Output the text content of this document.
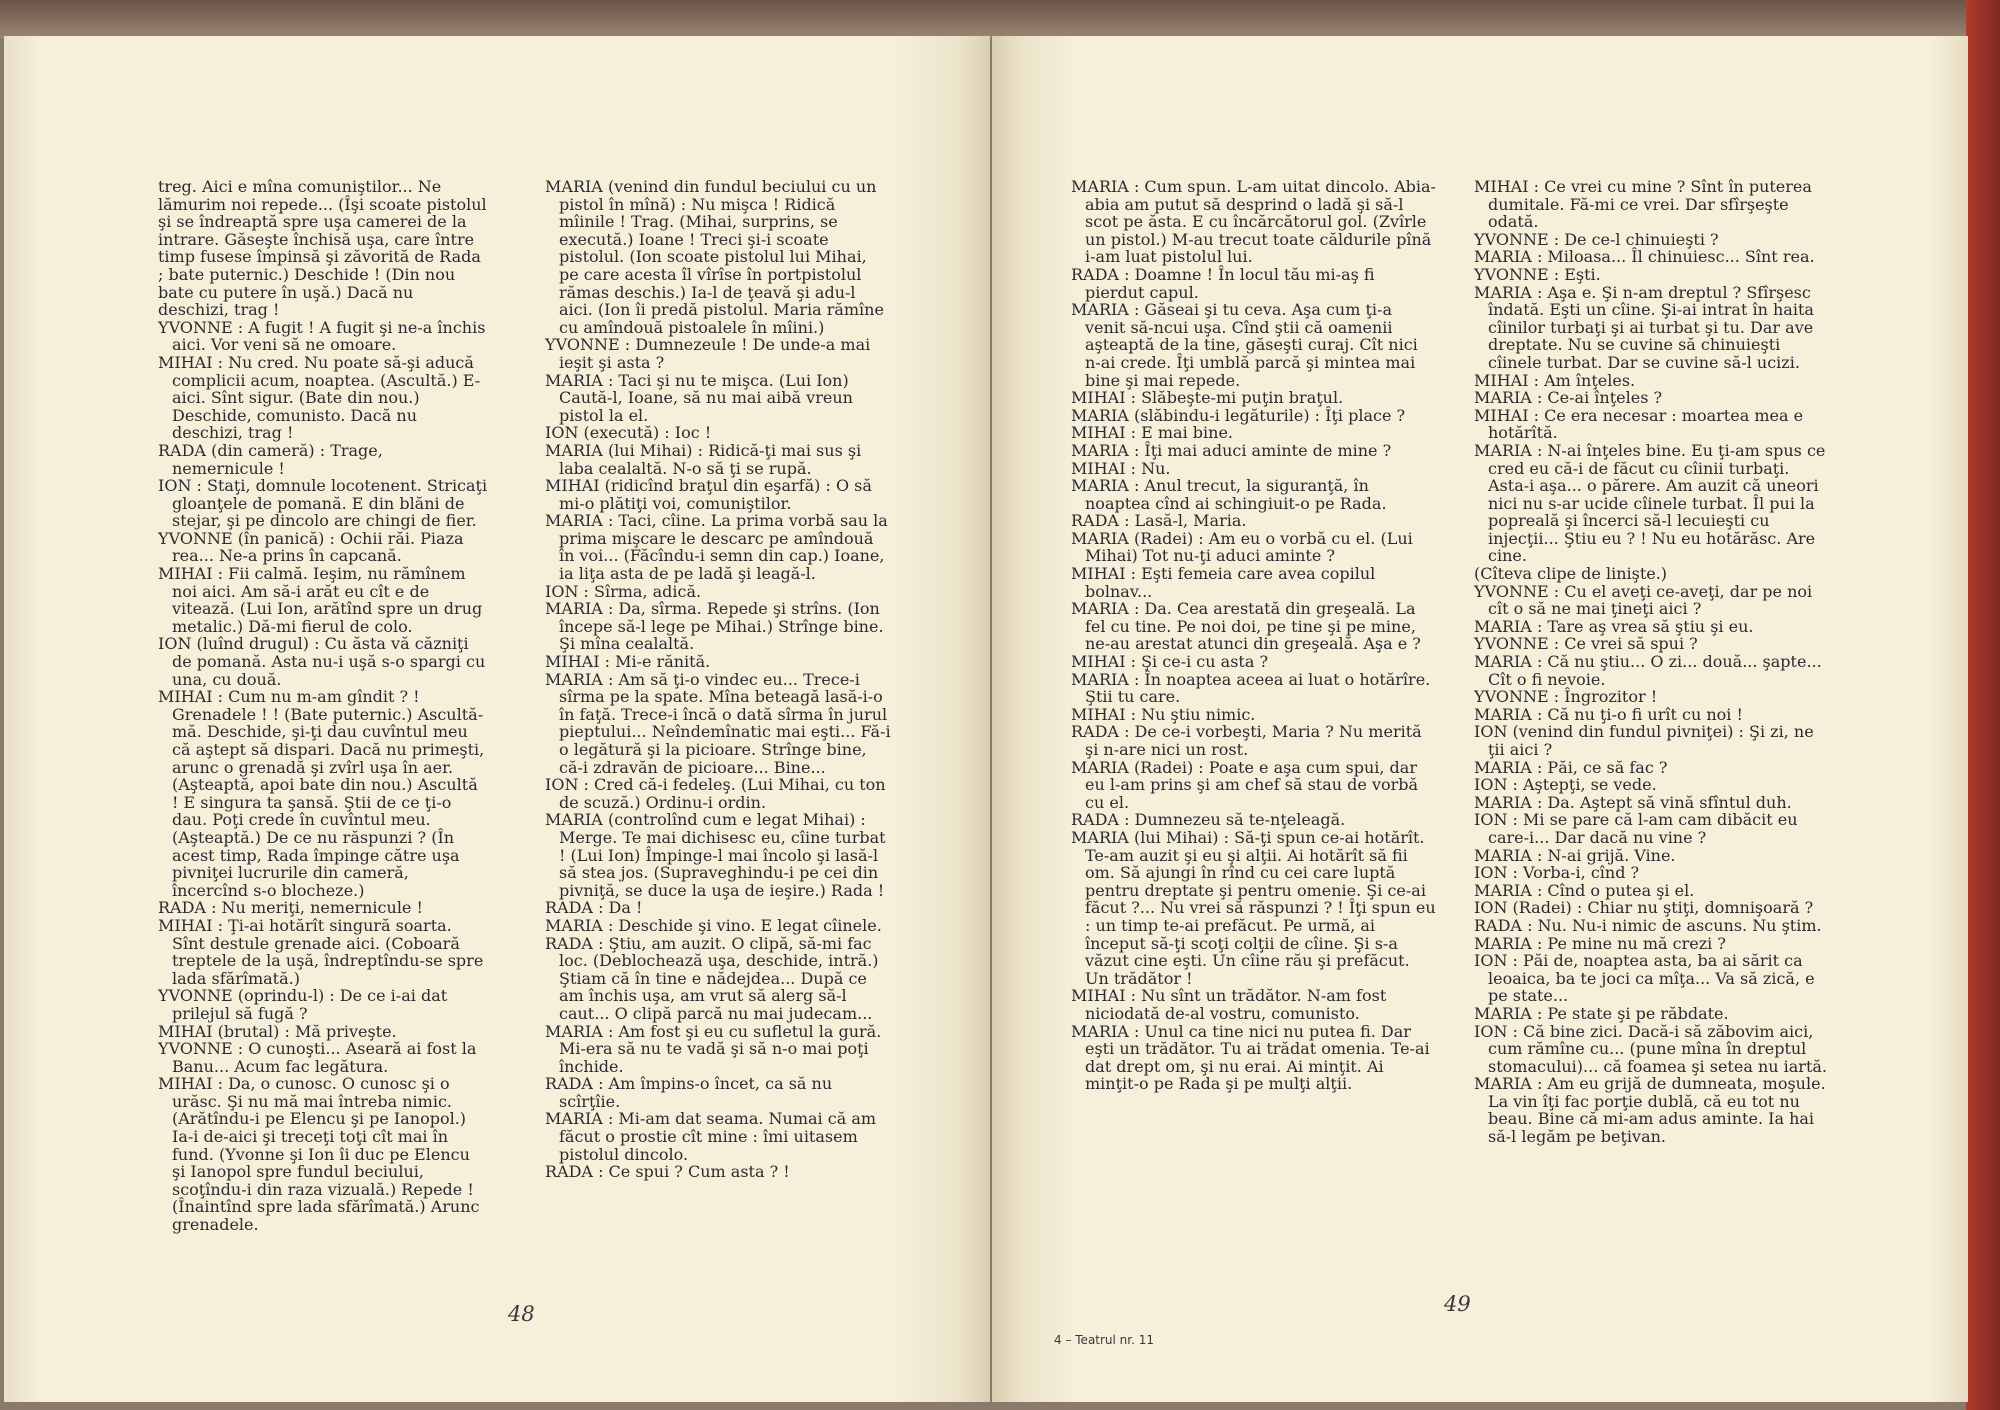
treg. Aici e mîna comuniştilor... Ne lămurim noi repede... (Îşi scoate pistolul şi se îndreaptă spre uşa camerei de la intrare. Găseşte închisă uşa, care între timp fusese împinsă şi zăvorită de Rada ; bate puternic.) Deschide ! (Din nou bate cu putere în uşă.) Dacă nu deschizi, trag !

YVONNE : A fugit ! A fugit şi ne-a închis aici. Vor veni să ne omoare.

MIHAI : Nu cred. Nu poate să-şi aducă complicii acum, noaptea. (Ascultă.) E-aici. Sînt sigur. (Bate din nou.) Deschide, comunisto. Dacă nu deschizi, trag !

RADA (din cameră) : Trage, nemernicule !

ION : Staţi, domnule locotenent. Stricaţi gloanţele de pomană. E din blăni de stejar, şi pe dincolo are chingi de fier.

YVONNE (în panică) : Ochii răi. Piaza rea... Ne-a prins în capcană.

MIHAI : Fii calmă. Ieşim, nu rămînem noi aici. Am să-i arăt eu cît e de vitează. (Lui Ion, arătînd spre un drug metalic.) Dă-mi fierul de colo.

ION (luînd drugul) : Cu ăsta vă căzniţi de pomană. Asta nu-i uşă s-o spargi cu una, cu două.

MIHAI : Cum nu m-am gîndit ? ! Grenadele ! ! (Bate puternic.) Ascultă-mă. Deschide, şi-ţi dau cuvîntul meu că aştept să dispari. Dacă nu primeşti, arunc o grenadă şi zvîrl uşa în aer. (Aşteaptă, apoi bate din nou.) Ascultă ! E singura ta şansă. Ştii de ce ţi-o dau. Poţi crede în cuvîntul meu. (Aşteaptă.) De ce nu răspunzi ? (În acest timp, Rada împinge către uşa pivniţei lucrurile din cameră, încercînd s-o blocheze.)

RADA : Nu meriţi, nemernicule !

MIHAI : Ţi-ai hotărît singură soarta. Sînt destule grenade aici. (Coboară treptele de la uşă, îndreptîndu-se spre lada sfărîmată.)

YVONNE (oprindu-l) : De ce i-ai dat prilejul să fugă ?

MIHAI (brutal) : Mă priveşte.

YVONNE : O cunoşti... Aseară ai fost la Banu... Acum fac legătura.

MIHAI : Da, o cunosc. O cunosc şi o urăsc. Şi nu mă mai întreba nimic. (Arătîndu-i pe Elencu şi pe Ianopol.) Ia-i de-aici şi treceţi toţi cît mai în fund. (Yvonne şi Ion îi duc pe Elencu şi Ianopol spre fundul beciului, scoţîndu-i din raza vizuală.) Repede ! (Înaintînd spre lada sfărîmată.) Arunc grenadele.

MARIA (venind din fundul beciului cu un pistol în mînă) : Nu mişca ! Ridică mîinile ! Trag. (Mihai, surprins, se execută.) Ioane ! Treci şi-i scoate pistolul. (Ion scoate pistolul lui Mihai, pe care acesta îl vîrîse în portpistolul rămas deschis.) Ia-l de ţeavă şi adu-l aici. (Ion îi predă pistolul. Maria rămîne cu amîndouă pistoalele în mîini.)

YVONNE : Dumnezeule ! De unde-a mai ieşit şi asta ?

MARIA : Taci şi nu te mişca. (Lui Ion) Caută-l, Ioane, să nu mai aibă vreun pistol la el.

ION (execută) : Ioc !

MARIA (lui Mihai) : Ridică-ţi mai sus şi laba cealaltă. N-o să ţi se rupă.

MIHAI (ridicînd braţul din eşarfă) : O să mi-o plătiţi voi, comuniştilor.

MARIA : Taci, cîine. La prima vorbă sau la prima mişcare le descarc pe amîndouă în voi... (Făcîndu-i semn din cap.) Ioane, ia liţa asta de pe ladă şi leagă-l.

ION : Sîrma, adică.

MARIA : Da, sîrma. Repede şi strîns. (Ion începe să-l lege pe Mihai.) Strînge bine. Şi mîna cealaltă.

MIHAI : Mi-e rănită.

MARIA : Am să ţi-o vindec eu... Trece-i sîrma pe la spate. Mîna beteagă lasă-i-o în faţă. Trece-i încă o dată sîrma în jurul pieptului... Neîndemînatic mai eşti... Fă-i o legătură şi la picioare. Strînge bine, că-i zdravăn de picioare... Bine...

ION : Cred că-i fedeleş. (Lui Mihai, cu ton de scuză.) Ordinu-i ordin.

MARIA (controlînd cum e legat Mihai) : Merge. Te mai dichisesc eu, cîine turbat ! (Lui Ion) Împinge-l mai încolo şi lasă-l să stea jos. (Supraveghindu-i pe cei din pivniţă, se duce la uşa de ieşire.) Rada !

RADA : Da !

MARIA : Deschide şi vino. E legat cîinele.

RADA : Ştiu, am auzit. O clipă, să-mi fac loc. (Deblochează uşa, deschide, intră.) Ştiam că în tine e nădejdea... După ce am închis uşa, am vrut să alerg să-l caut... O clipă parcă nu mai judecam...

MARIA : Am fost şi eu cu sufletul la gură. Mi-era să nu te vadă şi să n-o mai poţi închide.

RADA : Am împins-o încet, ca să nu scîrţîie.

MARIA : Mi-am dat seama. Numai că am făcut o prostie cît mine : îmi uitasem pistolul dincolo.

RADA : Ce spui ? Cum asta ? !

48

MARIA : Cum spun. L-am uitat dincolo. Abia-abia am putut să desprind o ladă şi să-l scot pe ăsta. E cu încărcătorul gol. (Zvîrle un pistol.) M-au trecut toate căldurile pînă i-am luat pistolul lui.

RADA : Doamne ! În locul tău mi-aş fi pierdut capul.

MARIA : Găseai şi tu ceva. Aşa cum ţi-a venit să-ncui uşa. Cînd ştii că oamenii aşteaptă de la tine, găseşti curaj. Cît nici n-ai crede. Îţi umblă parcă şi mintea mai bine şi mai repede.

MIHAI : Slăbeşte-mi puţin braţul.

MARIA (slăbindu-i legăturile) : Îţi place ?

MIHAI : E mai bine.

MARIA : Îţi mai aduci aminte de mine ?

MIHAI : Nu.

MARIA : Anul trecut, la siguranţă, în noaptea cînd ai schingiuit-o pe Rada.

RADA : Lasă-l, Maria.

MARIA (Radei) : Am eu o vorbă cu el. (Lui Mihai) Tot nu-ţi aduci aminte ?

MIHAI : Eşti femeia care avea copilul bolnav...

MARIA : Da. Cea arestată din greşeală. La fel cu tine. Pe noi doi, pe tine şi pe mine, ne-au arestat atunci din greşeală. Aşa e ?

MIHAI : Şi ce-i cu asta ?

MARIA : În noaptea aceea ai luat o hotărîre. Ştii tu care.

MIHAI : Nu ştiu nimic.

RADA : De ce-i vorbeşti, Maria ? Nu merită şi n-are nici un rost.

MARIA (Radei) : Poate e aşa cum spui, dar eu l-am prins şi am chef să stau de vorbă cu el.

RADA : Dumnezeu să te-nţeleagă.

MARIA (lui Mihai) : Să-ţi spun ce-ai hotărît. Te-am auzit şi eu şi alţii. Ai hotărît să fii om. Să ajungi în rînd cu cei care luptă pentru dreptate şi pentru omenie. Şi ce-ai făcut ?... Nu vrei să răspunzi ? ! Îţi spun eu : un timp te-ai prefăcut. Pe urmă, ai început să-ţi scoţi colţii de cîine. Şi s-a văzut cine eşti. Un cîine rău şi prefăcut. Un trădător !

MIHAI : Nu sînt un trădător. N-am fost niciodată de-al vostru, comunisto.

MARIA : Unul ca tine nici nu putea fi. Dar eşti un trădător. Tu ai trădat omenia. Te-ai dat drept om, şi nu erai. Ai minţit. Ai minţit-o pe Rada şi pe mulţi alţii.

MIHAI : Ce vrei cu mine ? Sînt în puterea dumitale. Fă-mi ce vrei. Dar sfîrşeşte odată.

YVONNE : De ce-l chinuieşti ?

MARIA : Miloasa... Îl chinuiesc... Sînt rea.

YVONNE : Eşti.

MARIA : Aşa e. Şi n-am dreptul ? Sfîrşesc îndată. Eşti un cîine. Şi-ai intrat în haita cîinilor turbaţi şi ai turbat şi tu. Dar ave dreptate. Nu se cuvine să chinuieşti cîinele turbat. Dar se cuvine să-l ucizi.

MIHAI : Am înţeles.

MARIA : Ce-ai înţeles ?

MIHAI : Ce era necesar : moartea mea e hotărîtă.

MARIA : N-ai înţeles bine. Eu ţi-am spus ce cred eu că-i de făcut cu cîinii turbaţi. Asta-i aşa... o părere. Am auzit că uneori nici nu s-ar ucide cîinele turbat. Îl pui la popreală şi încerci să-l lecuieşti cu injecţii... Ştiu eu ? ! Nu eu hotărăsc. Are cine.

(Cîteva clipe de linişte.)

YVONNE : Cu el aveţi ce-aveţi, dar pe noi cît o să ne mai ţineţi aici ?

MARIA : Tare aş vrea să ştiu şi eu.

YVONNE : Ce vrei să spui ?

MARIA : Că nu ştiu... O zi... două... şapte... Cît o fi nevoie.

YVONNE : Îngrozitor !

MARIA : Că nu ţi-o fi urît cu noi !

ION (venind din fundul pivniţei) : Şi zi, ne ţii aici ?

MARIA : Păi, ce să fac ?

ION : Aştepţi, se vede.

MARIA : Da. Aştept să vină sfîntul duh.

ION : Mi se pare că l-am cam dibăcit eu care-i... Dar dacă nu vine ?

MARIA : N-ai grijă. Vine.

ION : Vorba-i, cînd ?

MARIA : Cînd o putea şi el.

ION (Radei) : Chiar nu ştiţi, domnişoară ?

RADA : Nu. Nu-i nimic de ascuns. Nu ştim.

MARIA : Pe mine nu mă crezi ?

ION : Păi de, noaptea asta, ba ai sărit ca leoaica, ba te joci ca mîţa... Va să zică, e pe state...

MARIA : Pe state şi pe răbdate.

ION : Că bine zici. Dacă-i să zăbovim aici, cum rămîne cu... (pune mîna în dreptul stomacului)... că foamea şi setea nu iartă.

MARIA : Am eu grijă de dumneata, moşule. La vin îţi fac porţie dublă, că eu tot nu beau. Bine că mi-am adus aminte. Ia hai să-l legăm pe beţivan.

4 – Teatrul nr. 11
49
